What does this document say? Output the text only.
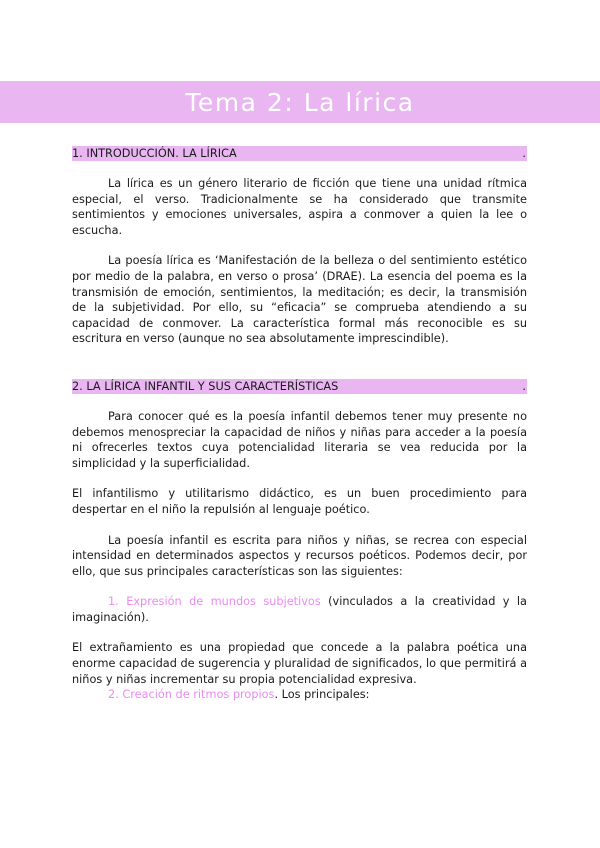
Tema 2: La lírica
1. INTRODUCCIÓN. LA LÍRICA	.

La lírica es un género literario de ficción que tiene una unidad rítmica especial, el verso. Tradicionalmente se ha considerado que transmite sentimientos y emociones universales, aspira a conmover a quien la lee o escucha.

La poesía lírica es ‘Manifestación de la belleza o del sentimiento estético por medio de la palabra, en verso o prosa’ (DRAE). La esencia del poema es la transmisión de emoción, sentimientos, la meditación; es decir, la transmisión de la subjetividad. Por ello, su “eficacia” se comprueba atendiendo a su capacidad de conmover. La característica formal más reconocible es su escritura en verso (aunque no sea absolutamente imprescindible).

2. LA LÍRICA INFANTIL Y SUS CARACTERÍSTICAS	.

Para conocer qué es la poesía infantil debemos tener muy presente no debemos menospreciar la capacidad de niños y niñas para acceder a la poesía ni ofrecerles textos cuya potencialidad literaria se vea reducida por la simplicidad y la superficialidad.

El infantilismo y utilitarismo didáctico, es un buen procedimiento para despertar en el niño la repulsión al lenguaje poético.

La poesía infantil es escrita para niños y niñas, se recrea con especial intensidad en determinados aspectos y recursos poéticos. Podemos decir, por ello, que sus principales características son las siguientes:

1. Expresión de mundos subjetivos (vinculados a la creatividad y la imaginación).

El extrañamiento es una propiedad que concede a la palabra poética una enorme capacidad de sugerencia y pluralidad de significados, lo que permitirá a niños y niñas incrementar su propia potencialidad expresiva.

2. Creación de ritmos propios. Los principales:
